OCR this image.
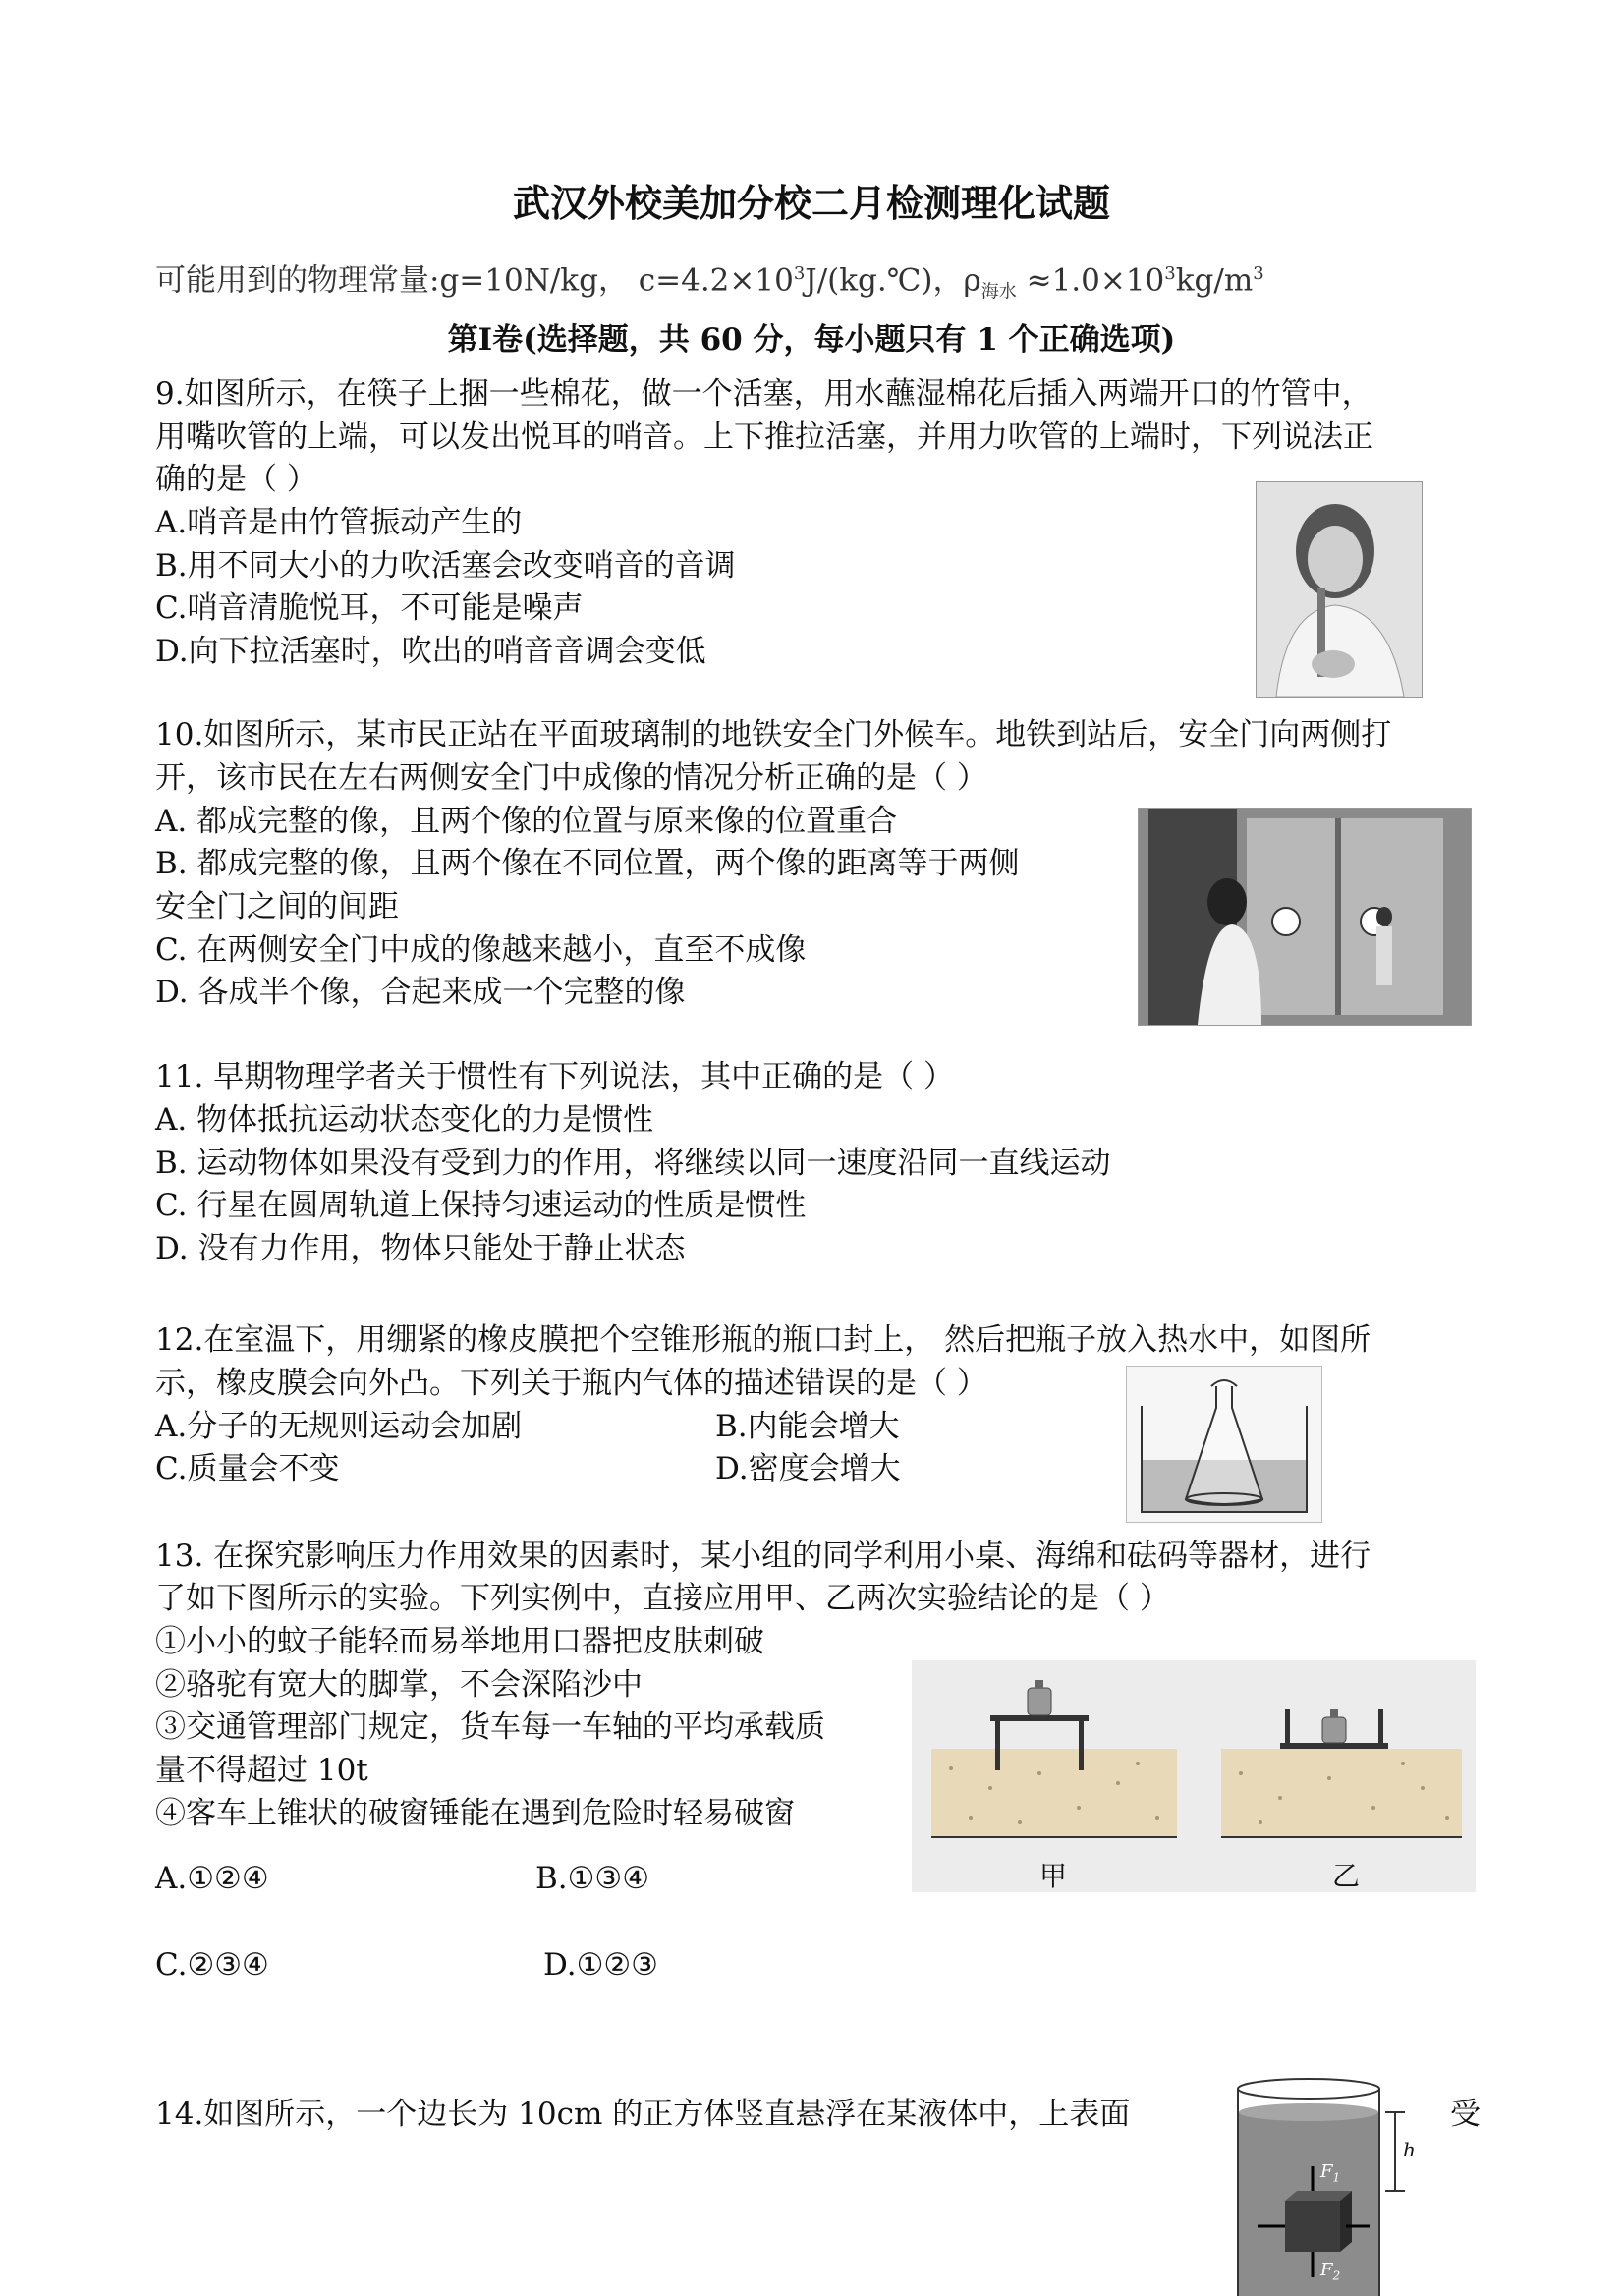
武汉外校美加分校二月检测理化试题
可能用到的物理常量:g=10N/kg， $c=4.2\times 10^3J/(kg.℃)$，$\rho_{海水} \approx 1.0\times 10^3kg/m^3$
第Ⅰ卷(选择题，共 60 分，每小题只有 1 个正确选项)
9.如图所示，在筷子上捆一些棉花，做一个活塞，用水蘸湿棉花后插入两端开口的竹管中，
用嘴吹管的上端，可以发出悦耳的哨音。上下推拉活塞，并用力吹管的上端时，下列说法正
确的是（ ）
A.哨音是由竹管振动产生的
B.用不同大小的力吹活塞会改变哨音的音调
C.哨音清脆悦耳，不可能是噪声
D.向下拉活塞时，吹出的哨音音调会变低
10.如图所示，某市民正站在平面玻璃制的地铁安全门外候车。地铁到站后，安全门向两侧打
开，该市民在左右两侧安全门中成像的情况分析正确的是（ ）
A. 都成完整的像，且两个像的位置与原来像的位置重合
B. 都成完整的像，且两个像在不同位置，两个像的距离等于两侧
安全门之间的间距
C. 在两侧安全门中成的像越来越小，直至不成像
D. 各成半个像，合起来成一个完整的像
11. 早期物理学者关于惯性有下列说法，其中正确的是（ ）
A. 物体抵抗运动状态变化的力是惯性
B. 运动物体如果没有受到力的作用，将继续以同一速度沿同一直线运动
C. 行星在圆周轨道上保持匀速运动的性质是惯性
D. 没有力作用，物体只能处于静止状态
12.在室温下，用绷紧的橡皮膜把个空锥形瓶的瓶口封上， 然后把瓶子放入热水中，如图所
示，橡皮膜会向外凸。下列关于瓶内气体的描述错误的是（ ）
A.分子的无规则运动会加剧	B.内能会增大
C.质量会不变	D.密度会增大
13. 在探究影响压力作用效果的因素时，某小组的同学利用小桌、海绵和砝码等器材，进行
了如下图所示的实验。下列实例中，直接应用甲、乙两次实验结论的是（ ）
①小小的蚊子能轻而易举地用口器把皮肤刺破
②骆驼有宽大的脚掌，不会深陷沙中
③交通管理部门规定，货车每一车轴的平均承载质
量不得超过 10t
④客车上锥状的破窗锤能在遇到危险时轻易破窗
A.①②④	B.①③④
C.②③④	D.①②③
甲	乙
14.如图所示，一个边长为 10cm 的正方体竖直悬浮在某液体中，上表面	受
$F_1$
$F_2$
h
